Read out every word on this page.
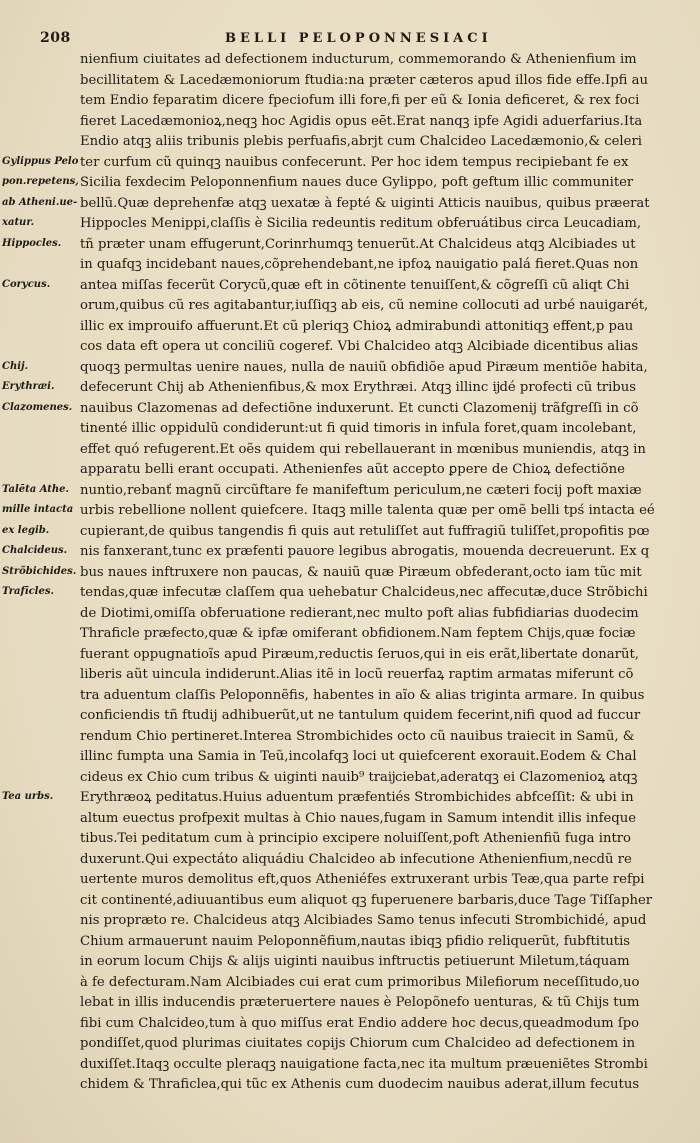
208	BELLI PELOPONNESIACI
Gylippus Pelo
pon.repetens,
ab Atheni.ue-
xatur.
Hippocles.
Corycus.
Chij.
Erythræi.
Clazomenes.
Talēta Athe.
mille intacta
ex legib.
Chalcideus.
Strõbichides.
Trafīcles.
Tea urbs.
nienfium ciuitates ad defectionem inducturum, commemorando & Athenienfium im
becillitatem & Lacedæmoniorum ftudia:na præter cæteros apud illos fide effe.Ipfi au
tem Endio feparatim dicere fpeciofum illi fore,fi per eũ & Ionia deficeret, & rex foci
fieret Lacedæmonioꝝ,neqꝫ hoc Agidis opus eēt.Erat nanqꝫ ipfe Agidi aduerfarius.Ita
Endio atqꝫ aliis tribunis plebis perfuafis,abrjt cum Chalcideo Lacedæmonio,& celeri
ter curfum cũ quinqꝫ nauibus confecerunt. Per hoc idem tempus recipiebant fe ex
Sicilia fexdecim Peloponnenfium naues duce Gylippo, poft geftum illic communiter
bellũ.Quæ deprehenfæ atqꝫ uexatæ à fepté & uiginti Atticis nauibus, quibus præerat
Hippocles Menippi,claſſis è Sicilia redeuntis reditum obferuátibus circa Leucadiam,
tñ præter unam effugerunt,Corinrhumqꝫ tenuerũt.At Chalcideus atqꝫ Alcibiades ut
in quafqꝫ incidebant naues,cõprehendebant,ne ipfoꝝ nauigatio palá fieret.Quas non
antea miſſas fecerũt Corycũ,quæ eft in cõtinente tenuiſſent,& cõgreſſi cũ aliqt Chi
orum,quibus cũ res agitabantur,iuſſiqꝫ ab eis, cũ nemine collocuti ad urbé nauigarét,
illic ex improuifo affuerunt.Et cũ pleriqꝫ Chioꝝ admirabundi attonitiqꝫ effent,p pau
cos data eft opera ut conciliũ cogeref. Vbi Chalcideo atqꝫ Alcibiade dicentibus alias
quoqꝫ permultas uenire naues, nulla de nauiũ obfidiõe apud Piræum mentiõe habita,
defecerunt Chij ab Athenienfibus,& mox Erythræi. Atqꝫ illinc ĳdé profecti cũ tribus
nauibus Clazomenas ad defectiõne induxerunt. Et cuncti Clazomenij trãfgreſſi in cõ
tinenté illic oppidulũ condiderunt:ut fi quid timoris in infula foret,quam incolebant,
effet quó refugerent.Et oẽs quidem qui rebellauerant in mœnibus muniendis, atqꝫ in
apparatu belli erant occupati. Athenienfes aũt accepto ꝑpere de Chioꝝ defectiõne
nuntio,rebanť magnũ circũftare fe manifeftum periculum,ne cæteri focij poft maxiæ
urbis rebellione nollent quiefcere. Itaqꝫ mille talenta quæ per omẽ belli tpś intacta eé
cupierant,de quibus tangendis fi quis aut retuliſſet aut fuffragiũ tuliſſet,propofitis pœ
nis fanxerant,tunc ex præfenti pauore legibus abrogatis, mouenda decreuerunt. Ex q
bus naues inftruxere non paucas, & nauiũ quæ Piræum obfederant,octo iam tũc mit
tendas,quæ infecutæ claſſem qua uehebatur Chalcideus,nec affecutæ,duce Strõbichi
de Diotimi,omiſſa obferuatione redierant,nec multo poft alias fubfidiarias duodecim
Thraficle præfecto,quæ & ipfæ omiferant obfidionem.Nam feptem Chijs,quæ fociæ
fuerant oppugnatioĩs apud Piræum,reductis ſeruos,qui in eis erãt,libertate donarũt,
liberis aũt uincula indiderunt.Alias itẽ in locũ reuerfaꝝ raptim armatas miferunt cõ
tra aduentum claſſis Peloponnẽfis, habentes in aĩo & alias triginta armare. In quibus
conficiendis tñ ftudij adhibuerũt,ut ne tantulum quidem fecerint,nifi quod ad fuccur
rendum Chio pertineret.Interea Strombichides octo cũ nauibus traiecit in Samũ, &
illinc fumpta una Samia in Teũ,incolafqꝫ loci ut quiefcerent exorauit.Eodem & Chal
cideus ex Chio cum tribus & uiginti nauib⁹ traĳciebat,aderatqꝫ ei Clazomenioꝝ atqꝫ
Erythræoꝝ peditatus.Huius aduentum præfentiés Strombichides abfceſſit: & ubi in
altum euectus profpexit multas à Chio naues,fugam in Samum intendit illis infeque
tibus.Tei peditatum cum à principio excipere noluiſſent,poft Athenienfiũ fuga intro
duxerunt.Qui expectáto aliquádiu Chalcideo ab infecutione Athenienfium,necdũ re
uertente muros demolitus eft,quos Atheniéfes extruxerant urbis Teæ,qua parte refpi
cit continenté,adiuuantibus eum aliquot qꝫ fuperuenere barbaris,duce Tage Tiſſapher
nis propræto re. Chalcideus atqꝫ Alcibiades Samo tenus infecuti Strombichidé, apud
Chium armauerunt nauim Peloponnẽfium,nautas ibiqꝫ pfidio reliquerũt, fubftitutis
in eorum locum Chijs & alijs uiginti nauibus inftructis petiuerunt Miletum,táquam
à fe defecturam.Nam Alcibiades cui erat cum primoribus Milefiorum neceſſitudo,uo
lebat in illis inducendis præteruertere naues è Pelopõnefo uenturas, & tũ Chijs tum
fibi cum Chalcideo,tum à quo miſſus erat Endio addere hoc decus,queadmodum ſpo
pondiſſet,quod plurimas ciuitates copijs Chiorum cum Chalcideo ad defectionem in
duxiſſet.Itaqꝫ occulte pleraqꝫ nauigatione facta,nec ita multum præueniẽtes Strombi
chidem & Thraficlea,qui tũc ex Athenis cum duodecim nauibus aderat,illum fecutus
